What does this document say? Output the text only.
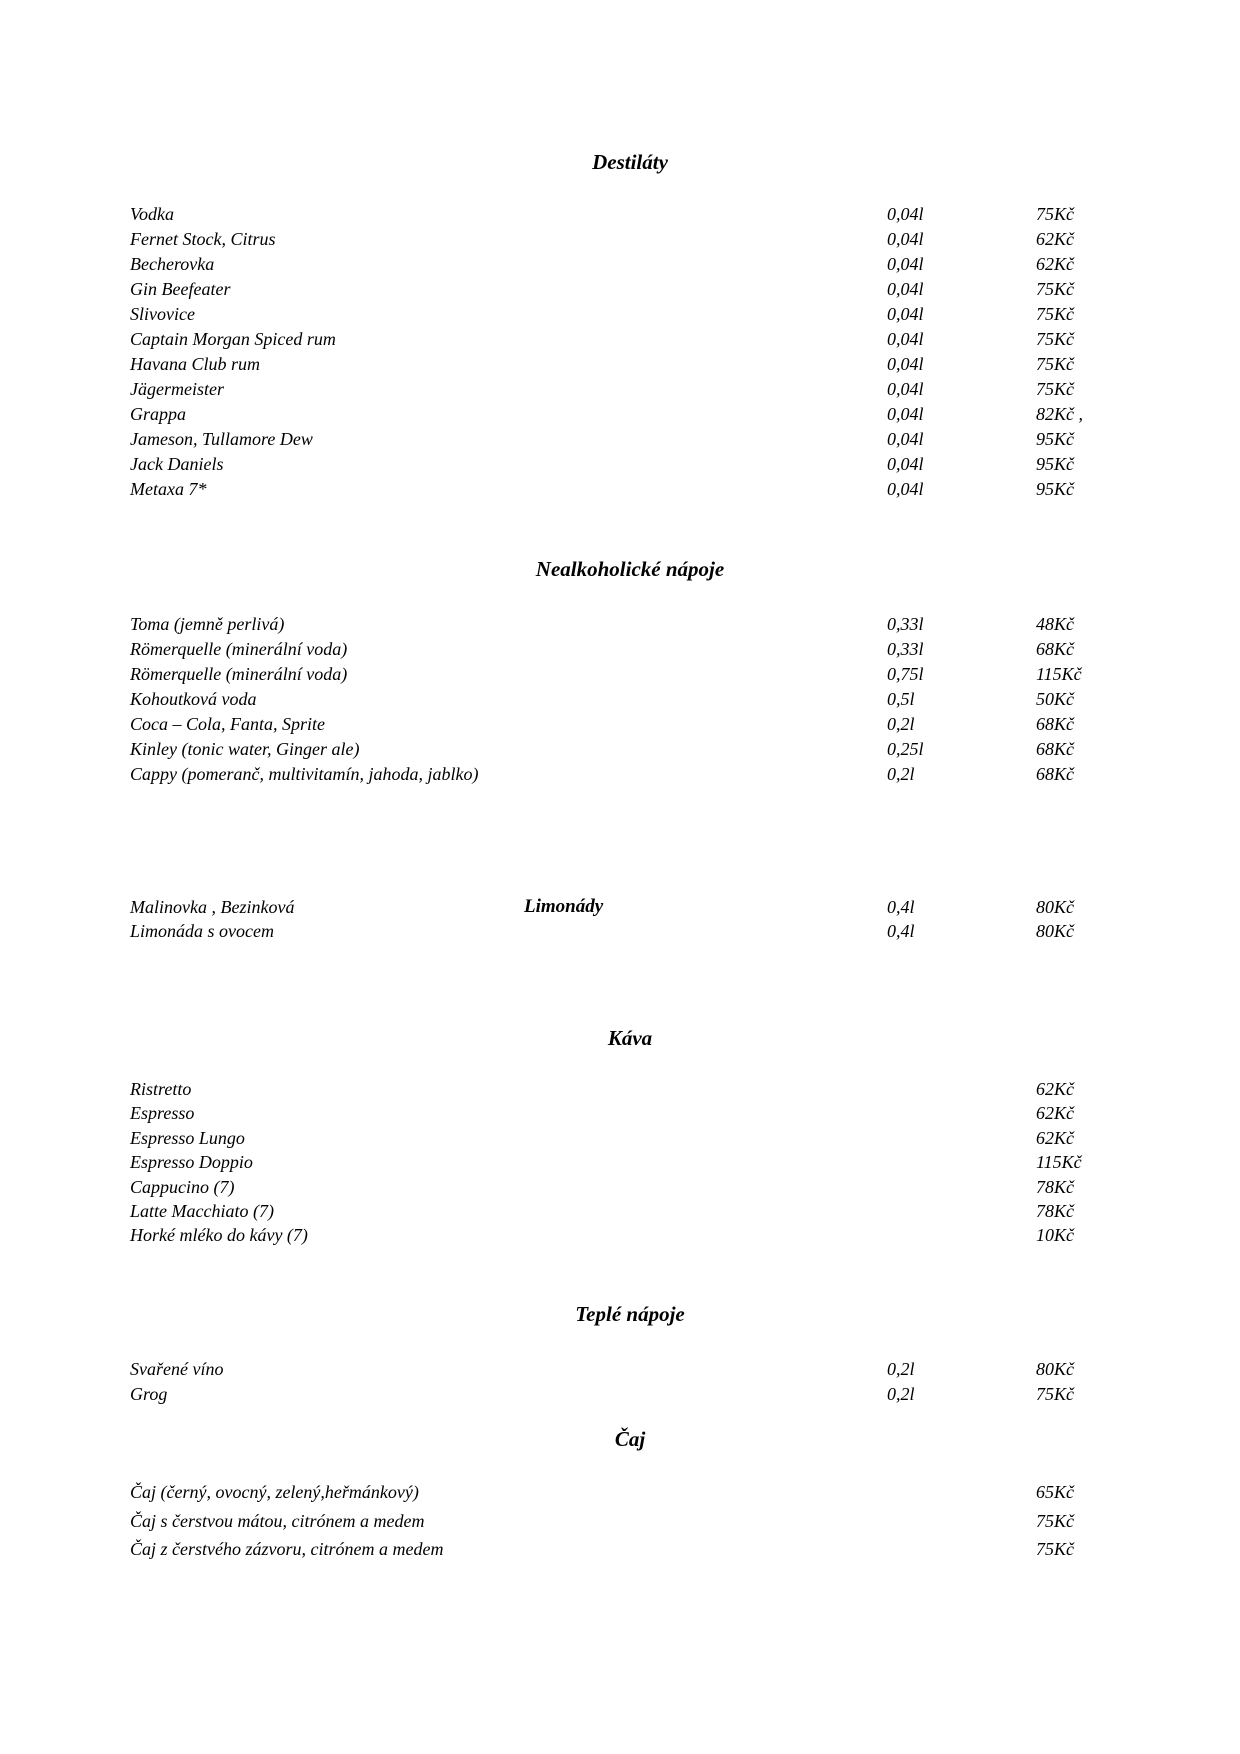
Destiláty
Nealkoholické nápoje
Limonády
Káva
Teplé nápoje
Čaj
Vodka	0,04l	75Kč
Fernet Stock, Citrus	0,04l	62Kč
Becherovka	0,04l	62Kč
Gin Beefeater	0,04l	75Kč
Slivovice	0,04l	75Kč
Captain Morgan Spiced rum	0,04l	75Kč
Havana Club rum	0,04l	75Kč
Jägermeister	0,04l	75Kč
Grappa	0,04l	82Kč ,
Jameson, Tullamore Dew	0,04l	95Kč
Jack Daniels	0,04l	95Kč
Metaxa 7*	0,04l	95Kč
Toma (jemně perlivá)	0,33l	48Kč
Römerquelle (minerální voda)	0,33l	68Kč
Römerquelle (minerální voda)	0,75l	115Kč
Kohoutková voda	0,5l	50Kč
Coca – Cola, Fanta, Sprite	0,2l	68Kč
Kinley (tonic water, Ginger ale)	0,25l	68Kč
Cappy (pomeranč, multivitamín, jahoda, jablko)	0,2l	68Kč
Malinovka , Bezinková	0,4l	80Kč
Limonáda s ovocem	0,4l	80Kč
Ristretto	62Kč
Espresso	62Kč
Espresso Lungo	62Kč
Espresso Doppio	115Kč
Cappucino (7)	78Kč
Latte Macchiato (7)	78Kč
Horké mléko do kávy (7)	10Kč
Svařené víno	0,2l	80Kč
Grog	0,2l	75Kč
Čaj (černý, ovocný, zelený,heřmánkový)	65Kč
Čaj s čerstvou mátou, citrónem a medem	75Kč
Čaj z čerstvého zázvoru, citrónem a medem	75Kč
